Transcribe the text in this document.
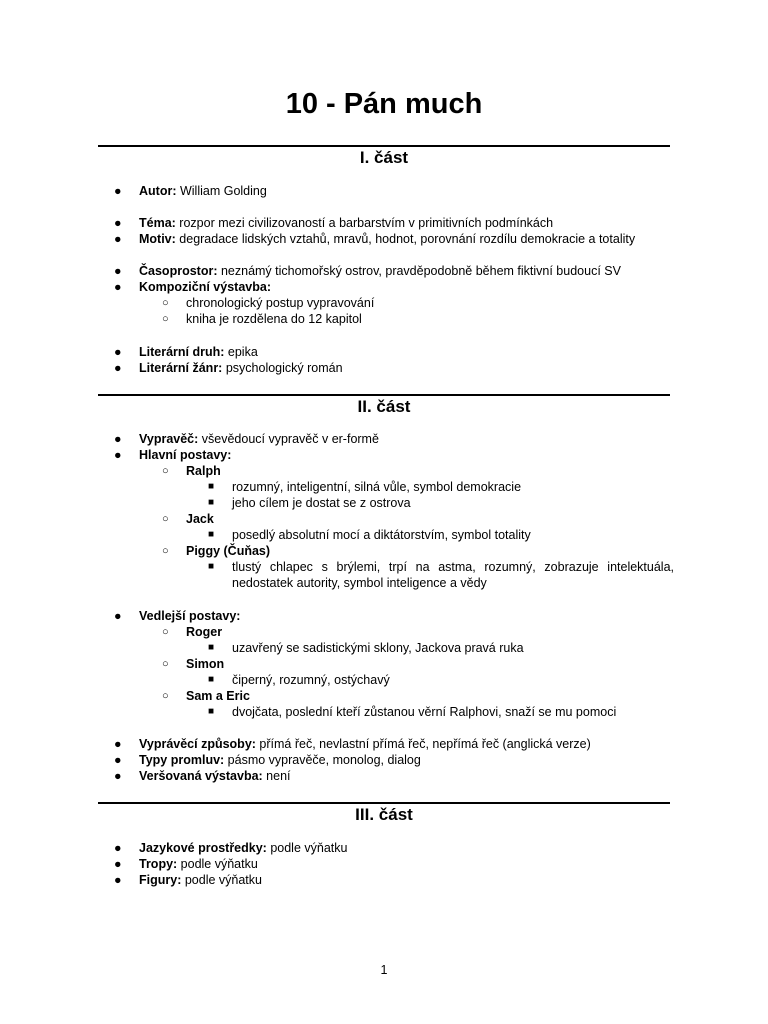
10 - Pán much
I. část
● Autor: William Golding
● Téma: rozpor mezi civilizovaností a barbarstvím v primitivních podmínkách
● Motiv: degradace lidských vztahů, mravů, hodnot, porovnání rozdílu demokracie a totality
● Časoprostor: neznámý tichomořský ostrov, pravděpodobně během fiktivní budoucí SV
● Kompoziční výstavba:
○ chronologický postup vypravování
○ kniha je rozdělena do 12 kapitol
● Literární druh: epika
● Literární žánr: psychologický román
II. část
● Vypravěč: vševědoucí vypravěč v er-formě
● Hlavní postavy:
○ Ralph
■ rozumný, inteligentní, silná vůle, symbol demokracie
■ jeho cílem je dostat se z ostrova
○ Jack
■ posedlý absolutní mocí a diktátorstvím, symbol totality
○ Piggy (Čuňas)
■ tlustý chlapec s brýlemi, trpí na astma, rozumný, zobrazuje intelektuála,
nedostatek autority, symbol inteligence a vědy
● Vedlejší postavy:
○ Roger
■ uzavřený se sadistickými sklony, Jackova pravá ruka
○ Simon
■ čiperný, rozumný, ostýchavý
○ Sam a Eric
■ dvojčata, poslední kteří zůstanou věrní Ralphovi, snaží se mu pomoci
● Vyprávěcí způsoby: přímá řeč, nevlastní přímá řeč, nepřímá řeč (anglická verze)
● Typy promluv: pásmo vypravěče, monolog, dialog
● Veršovaná výstavba: není
III. část
● Jazykové prostředky: podle výňatku
● Tropy: podle výňatku
● Figury: podle výňatku
1
